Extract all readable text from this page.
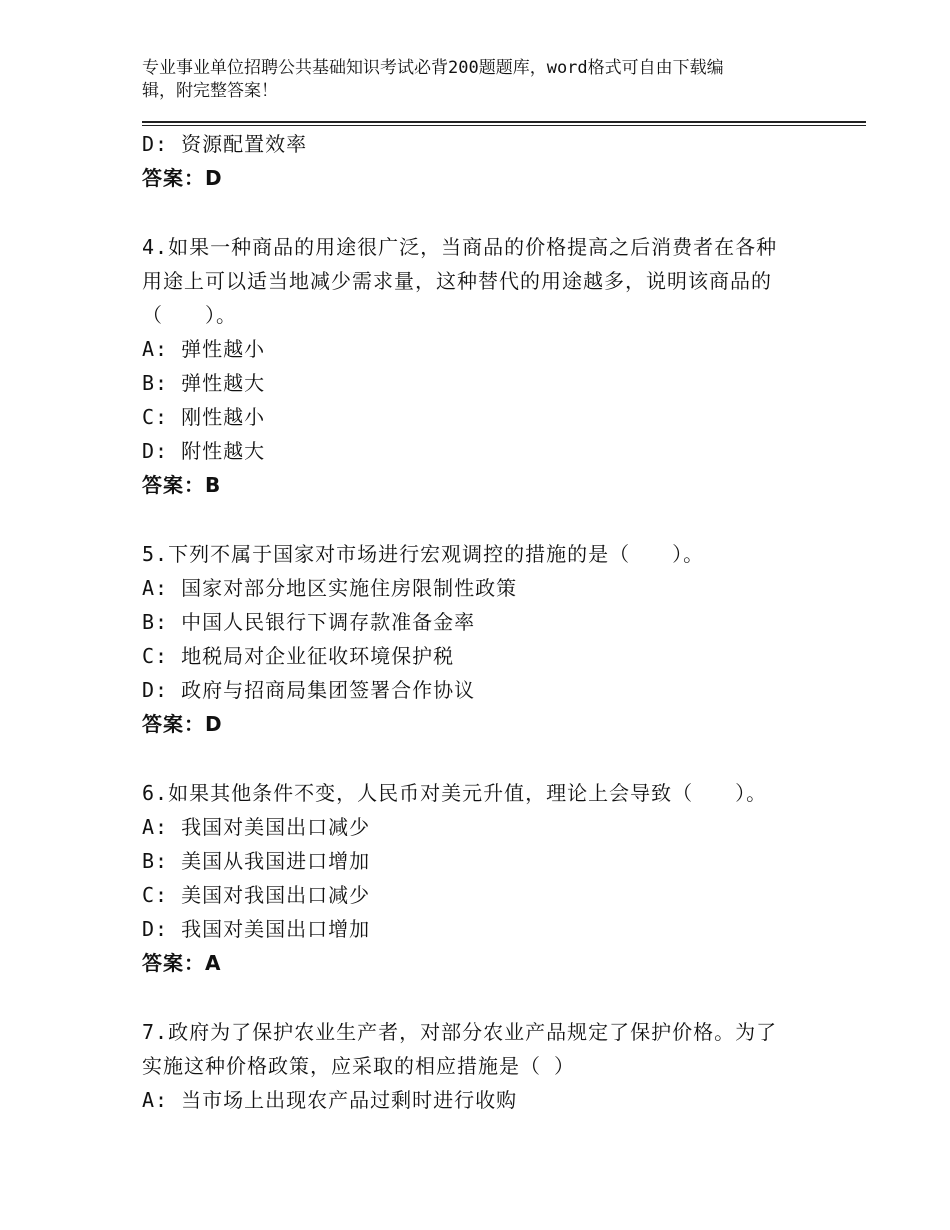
专业事业单位招聘公共基础知识考试必背200题题库，word格式可自由下载编
辑，附完整答案！
D: 资源配置效率
答案：D
4.如果一种商品的用途很广泛，当商品的价格提高之后消费者在各种
用途上可以适当地减少需求量，这种替代的用途越多，说明该商品的
（　　）。
A: 弹性越小
B: 弹性越大
C: 刚性越小
D: 附性越大
答案：B
5.下列不属于国家对市场进行宏观调控的措施的是（　　）。
A: 国家对部分地区实施住房限制性政策
B: 中国人民银行下调存款准备金率
C: 地税局对企业征收环境保护税
D: 政府与招商局集团签署合作协议
答案：D
6.如果其他条件不变，人民币对美元升值，理论上会导致（　　）。
A: 我国对美国出口减少
B: 美国从我国进口增加
C: 美国对我国出口减少
D: 我国对美国出口增加
答案：A
7.政府为了保护农业生产者，对部分农业产品规定了保护价格。为了
实施这种价格政策，应采取的相应措施是（ ）
A: 当市场上出现农产品过剩时进行收购
